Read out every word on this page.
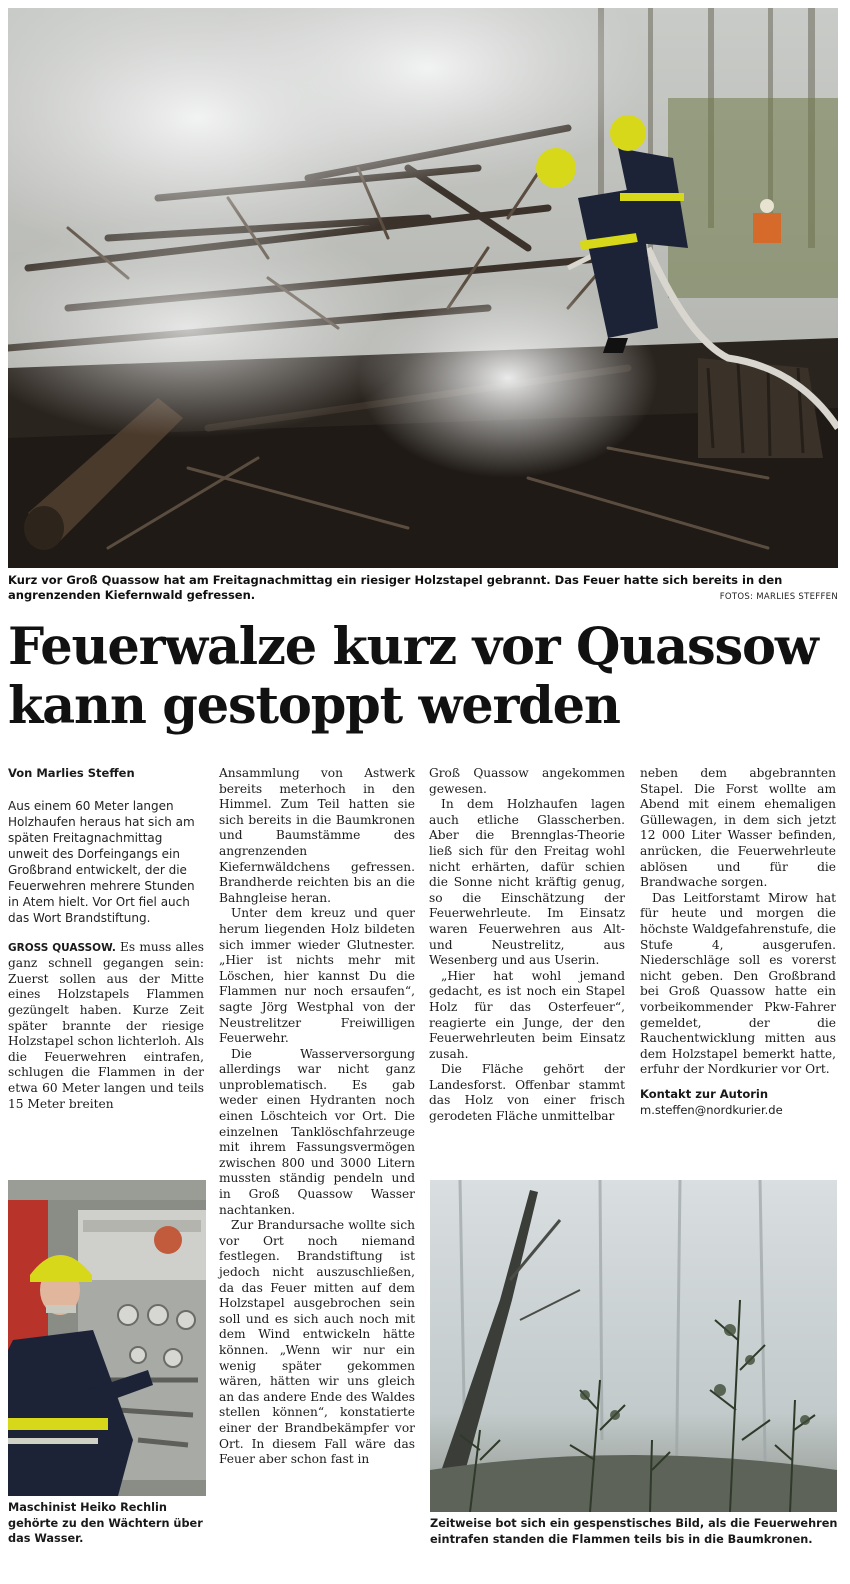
Kurz vor Groß Quassow hat am Freitagnachmittag ein riesiger Holzstapel gebrannt. Das Feuer hatte sich bereits in den angrenzenden Kiefernwald gefressen.	FOTOS: MARLIES STEFFEN
Feuerwalze kurz vor Quassow
kann gestoppt werden
Von Marlies Steffen
Aus einem 60 Meter langen Holzhaufen heraus hat sich am späten Freitagnachmittag unweit des Dorfeingangs ein Großbrand entwickelt, der die Feuerwehren mehrere Stunden in Atem hielt. Vor Ort fiel auch das Wort Brandstiftung.

GROSS QUASSOW. Es muss alles ganz schnell gegangen sein: Zuerst sollen aus der Mitte eines Holzstapels Flammen gezüngelt haben. Kurze Zeit später brannte der riesige Holzstapel schon lichterloh. Als die Feuerwehren eintrafen, schlugen die Flammen in der etwa 60 Meter langen und teils 15 Meter breiten

Ansammlung von Astwerk bereits meterhoch in den Himmel. Zum Teil hatten sie sich bereits in die Baumkronen und Baumstämme des angrenzenden Kiefernwäldchens gefressen. Brandherde reichten bis an die Bahngleise heran.

Unter dem kreuz und quer herum liegenden Holz bildeten sich immer wieder Glutnester. „Hier ist nichts mehr mit Löschen, hier kannst Du die Flammen nur noch ersaufen“, sagte Jörg Westphal von der Neustrelitzer Freiwilligen Feuerwehr.

Die Wasserversorgung allerdings war nicht ganz unproblematisch. Es gab weder einen Hydranten noch einen Löschteich vor Ort. Die einzelnen Tanklöschfahrzeuge mit ihrem Fassungsvermögen zwischen 800 und 3000 Litern mussten ständig pendeln und in Groß Quassow Wasser nachtanken.

Zur Brandursache wollte sich vor Ort noch niemand festlegen. Brandstiftung ist jedoch nicht auszuschließen, da das Feuer mitten auf dem Holzstapel ausgebrochen sein soll und es sich auch noch mit dem Wind entwickeln hätte können. „Wenn wir nur ein wenig später gekommen wären, hätten wir uns gleich an das andere Ende des Waldes stellen können“, konstatierte einer der Brandbekämpfer vor Ort. In diesem Fall wäre das Feuer aber schon fast in

Groß Quassow angekommen gewesen.

In dem Holzhaufen lagen auch etliche Glasscherben. Aber die Brennglas-Theorie ließ sich für den Freitag wohl nicht erhärten, dafür schien die Sonne nicht kräftig genug, so die Einschätzung der Feuerwehrleute. Im Einsatz waren Feuerwehren aus Alt- und Neustrelitz, aus Wesenberg und aus Userin.

„Hier hat wohl jemand gedacht, es ist noch ein Stapel Holz für das Osterfeuer“, reagierte ein Junge, der den Feuerwehrleuten beim Einsatz zusah.

Die Fläche gehört der Landesforst. Offenbar stammt das Holz von einer frisch gerodeten Fläche unmittelbar

neben dem abgebrannten Stapel. Die Forst wollte am Abend mit einem ehemaligen Güllewagen, in dem sich jetzt 12 000 Liter Wasser befinden, anrücken, die Feuerwehrleute ablösen und für die Brandwache sorgen.

Das Leitforstamt Mirow hat für heute und morgen die höchste Waldgefahrenstufe, die Stufe 4, ausgerufen. Niederschläge soll es vorerst nicht geben. Den Großbrand bei Groß Quassow hatte ein vorbeikommender Pkw-Fahrer gemeldet, der die Rauchentwicklung mitten aus dem Holzstapel bemerkt hatte, erfuhr der Nordkurier vor Ort.

Kontakt zur Autorin
m.steffen@nordkurier.de
Maschinist Heiko Rechlin gehörte zu den Wächtern über das Wasser.
Zeitweise bot sich ein gespenstisches Bild, als die Feuerwehren eintrafen standen die Flammen teils bis in die Baumkronen.
